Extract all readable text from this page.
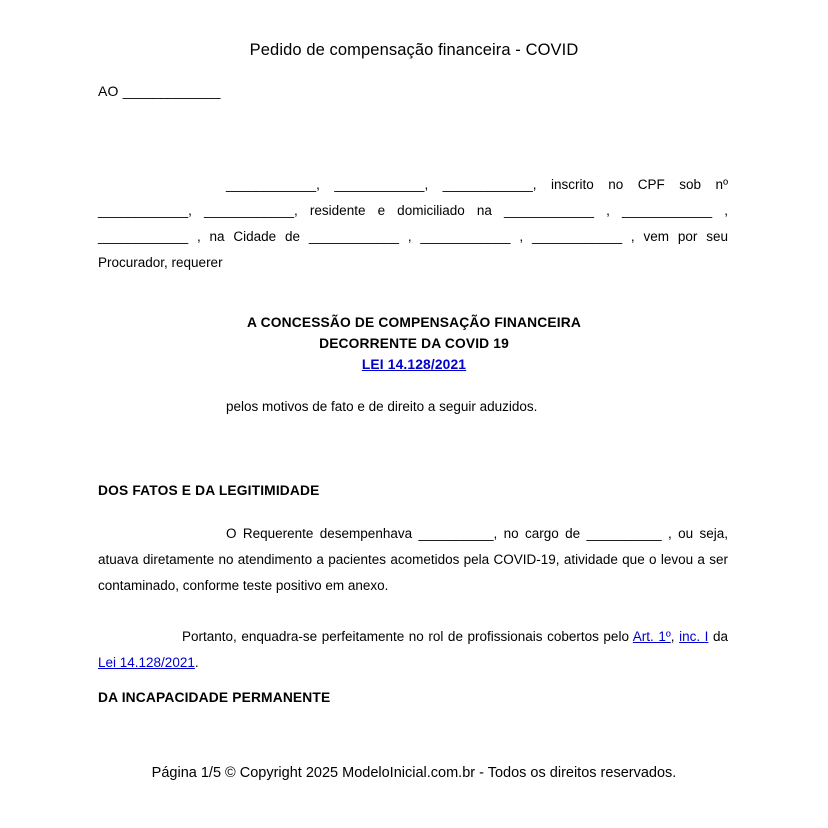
Pedido de compensação financeira - COVID
AO _____________
____________, ____________, ____________, inscrito no CPF sob nº ____________, ____________, residente e domiciliado na ____________ , ____________ , ____________ , na Cidade de ____________ , ____________ , ____________ , vem por seu Procurador, requerer
A CONCESSÃO DE COMPENSAÇÃO FINANCEIRA
DECORRENTE DA COVID 19
LEI 14.128/2021
pelos motivos de fato e de direito a seguir aduzidos.
DOS FATOS E DA LEGITIMIDADE
O Requerente desempenhava __________, no cargo de __________ , ou seja, atuava diretamente no atendimento a pacientes acometidos pela COVID-19, atividade que o levou a ser contaminado, conforme teste positivo em anexo.
Portanto, enquadra-se perfeitamente no rol de profissionais cobertos pelo Art. 1º, inc. I da Lei 14.128/2021.
DA INCAPACIDADE PERMANENTE
Página 1/5 © Copyright 2025 ModeloInicial.com.br - Todos os direitos reservados.
